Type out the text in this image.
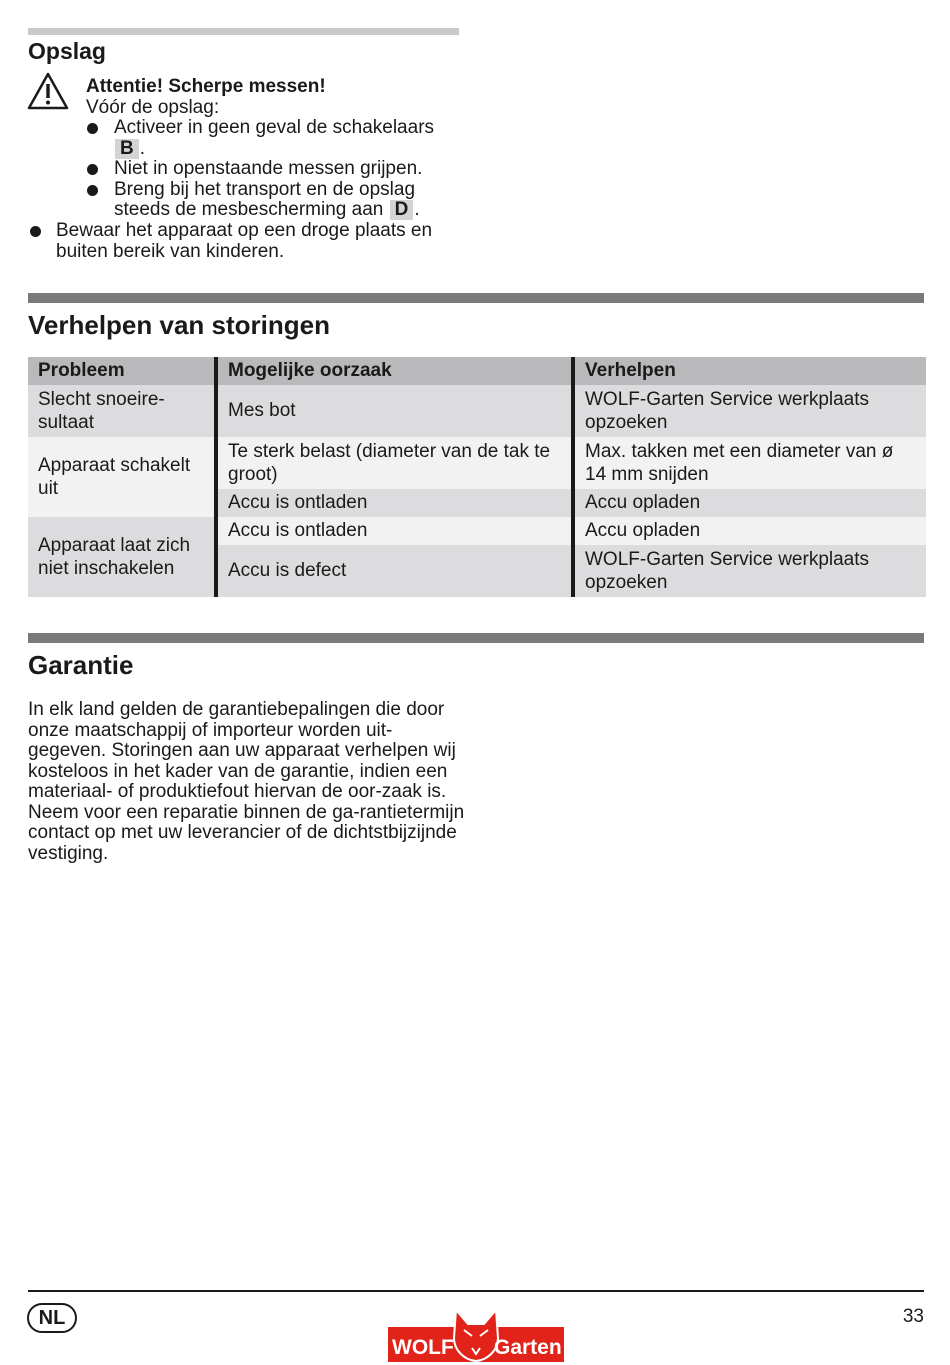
Opslag
Attentie! Scherpe messen!
Vóór de opslag:
Activeer in geen geval de schakelaars
B .
Niet in openstaande messen grijpen.
Breng bij het transport en de opslag steeds de mesbescherming aan D .
Bewaar het apparaat op een droge plaats en buiten bereik van kinderen.
Verhelpen van storingen
Probleem	Mogelijke oorzaak	Verhelpen
Slecht snoeire-sultaat	Mes bot	WOLF-Garten Service werkplaats opzoeken
Apparaat schakelt uit	Te sterk belast (diameter van de tak te groot)	Max. takken met een diameter van ø 14 mm snijden
	Accu is ontladen	Accu opladen
Apparaat laat zich niet inschakelen	Accu is ontladen	Accu opladen
	Accu is defect	WOLF-Garten Service werkplaats opzoeken
Garantie

In elk land gelden de garantiebepalingen die door onze maatschappij of importeur worden uit-gegeven. Storingen aan uw apparaat verhelpen wij kosteloos in het kader van de garantie, indien een materiaal- of produktiefout hiervan de oor-zaak is. Neem voor een reparatie binnen de ga-rantietermijn contact op met uw leverancier of de dichtstbijzijnde vestiging.

NL	33
WOLF Garten
